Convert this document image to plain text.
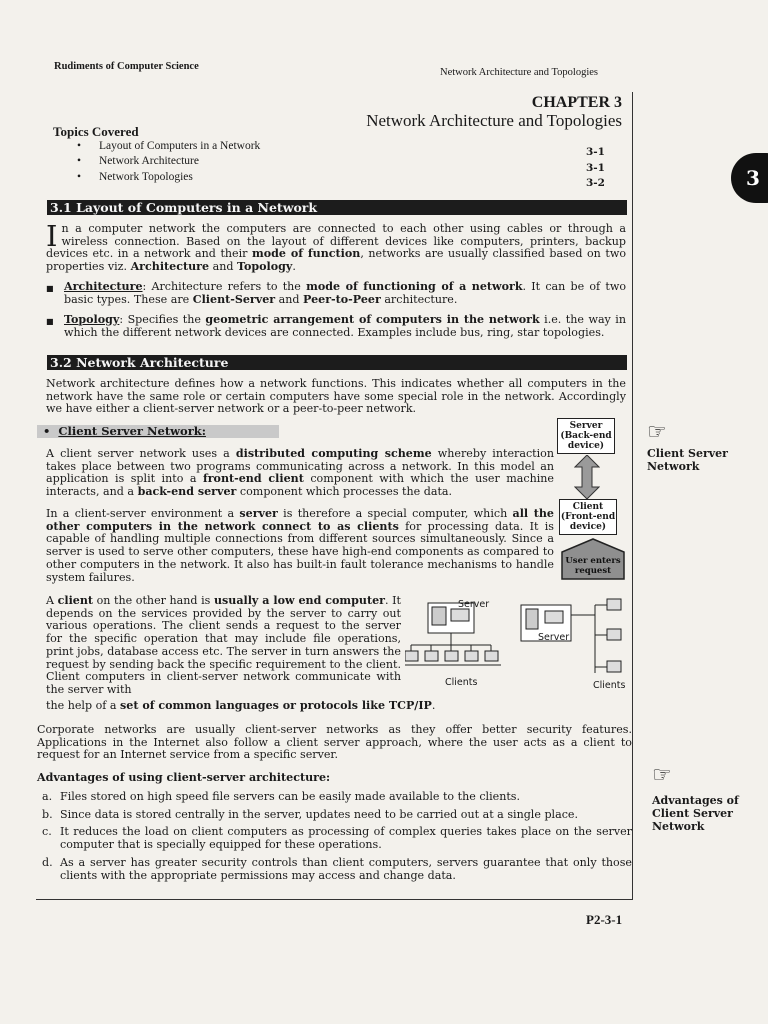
Rudiments of Computer Science
Network Architecture and Topologies
CHAPTER 3
Network Architecture and Topologies
3
Topics Covered
• Layout of Computers in a Network
• Network Architecture
• Network Topologies
3-1
3-1
3-2
3.1 Layout of Computers in a Network
In a computer network the computers are connected to each other using cables or through a wireless connection. Based on the layout of different devices like computers, printers, backup devices etc. in a network and their mode of function, networks are usually classified based on two properties viz. Architecture and Topology.
■ Architecture: Architecture refers to the mode of functioning of a network. It can be of two basic types. These are Client-Server and Peer-to-Peer architecture.
■ Topology: Specifies the geometric arrangement of computers in the network i.e. the way in which the different network devices are connected. Examples include bus, ring, star topologies.
3.2 Network Architecture
Network architecture defines how a network functions. This indicates whether all computers in the network have the same role or certain computers have some special role in the network. Accordingly we have either a client-server network or a peer-to-peer network.
•  Client Server Network:
A client server network uses a distributed computing scheme whereby interaction takes place between two programs communicating across a network. In this model an application is split into a front-end client component with which the user machine interacts, and a back-end server component which processes the data.
In a client-server environment a server is therefore a special computer, which all the other computers in the network connect to as clients for processing data. It is capable of handling multiple connections from different sources simultaneously. Since a server is used to serve other computers, these have high-end components as compared to other computers in the network. It also has built-in fault tolerance mechanisms to handle system failures.
A client on the other hand is usually a low end computer. It depends on the services provided by the server to carry out various operations. The client sends a request to the server for the specific operation that may include file operations, print jobs, database access etc. The server in turn answers the request by sending back the specific requirement to the client. Client computers in client-server network communicate with the server with
the help of a set of common languages or protocols like TCP/IP.
Corporate networks are usually client-server networks as they offer better security features. Applications in the Internet also follow a client server approach, where the user acts as a client to request for an Internet service from a specific server.
Advantages of using client-server architecture:
a. Files stored on high speed file servers can be easily made available to the clients.
b. Since data is stored centrally in the server, updates need to be carried out at a single place.
c. It reduces the load on client computers as processing of complex queries takes place on the server computer that is specially equipped for these operations.
d. As a server has greater security controls than client computers, servers guarantee that only those clients with the appropriate permissions may access and change data.
P2-3-1
Server (Back-end device)
Client (Front-end device)
User enters request
Server
Clients
Server
Clients
☞
Client Server Network
☞
Advantages of Client Server Network
